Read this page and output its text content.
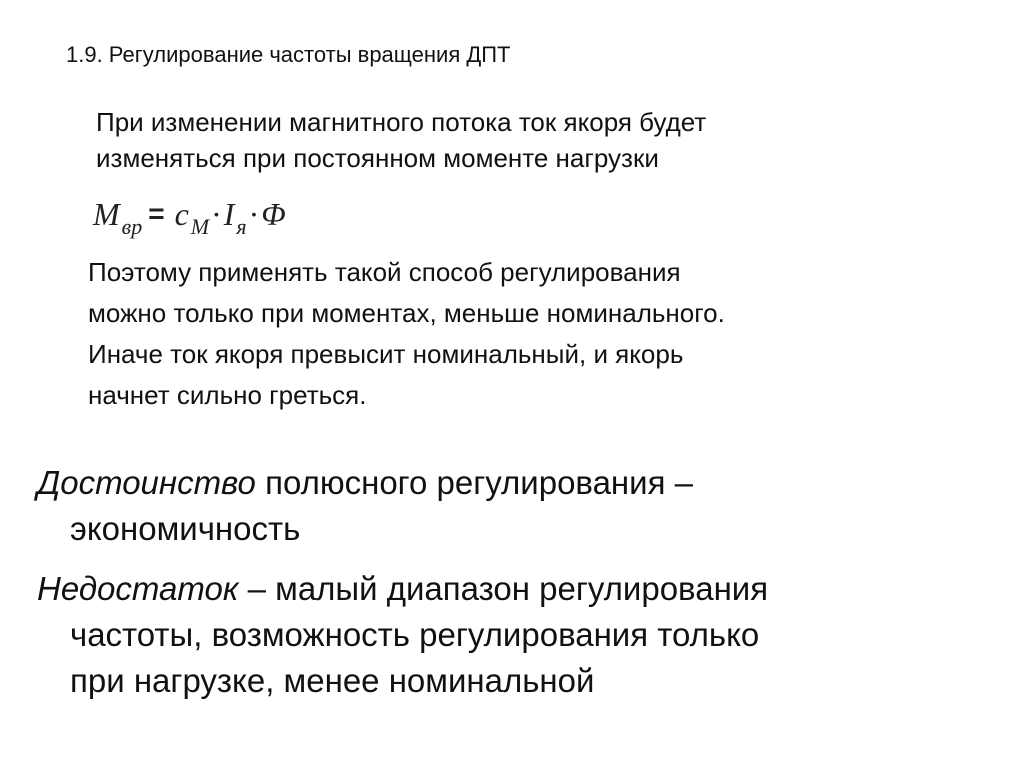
1.9. Регулирование частоты вращения ДПТ
При изменении магнитного потока ток якоря будет
изменяться при постоянном моменте нагрузки
$M_{вр} = c_M\cdot I_я\cdot\Phi$
Поэтому применять такой способ регулирования
можно только при моментах, меньше номинального.
Иначе ток якоря превысит номинальный, и якорь
начнет сильно греться.
Достоинство полюсного регулирования –
экономичность
Недостаток – малый диапазон регулирования
частоты, возможность регулирования только
при нагрузке, менее номинальной
